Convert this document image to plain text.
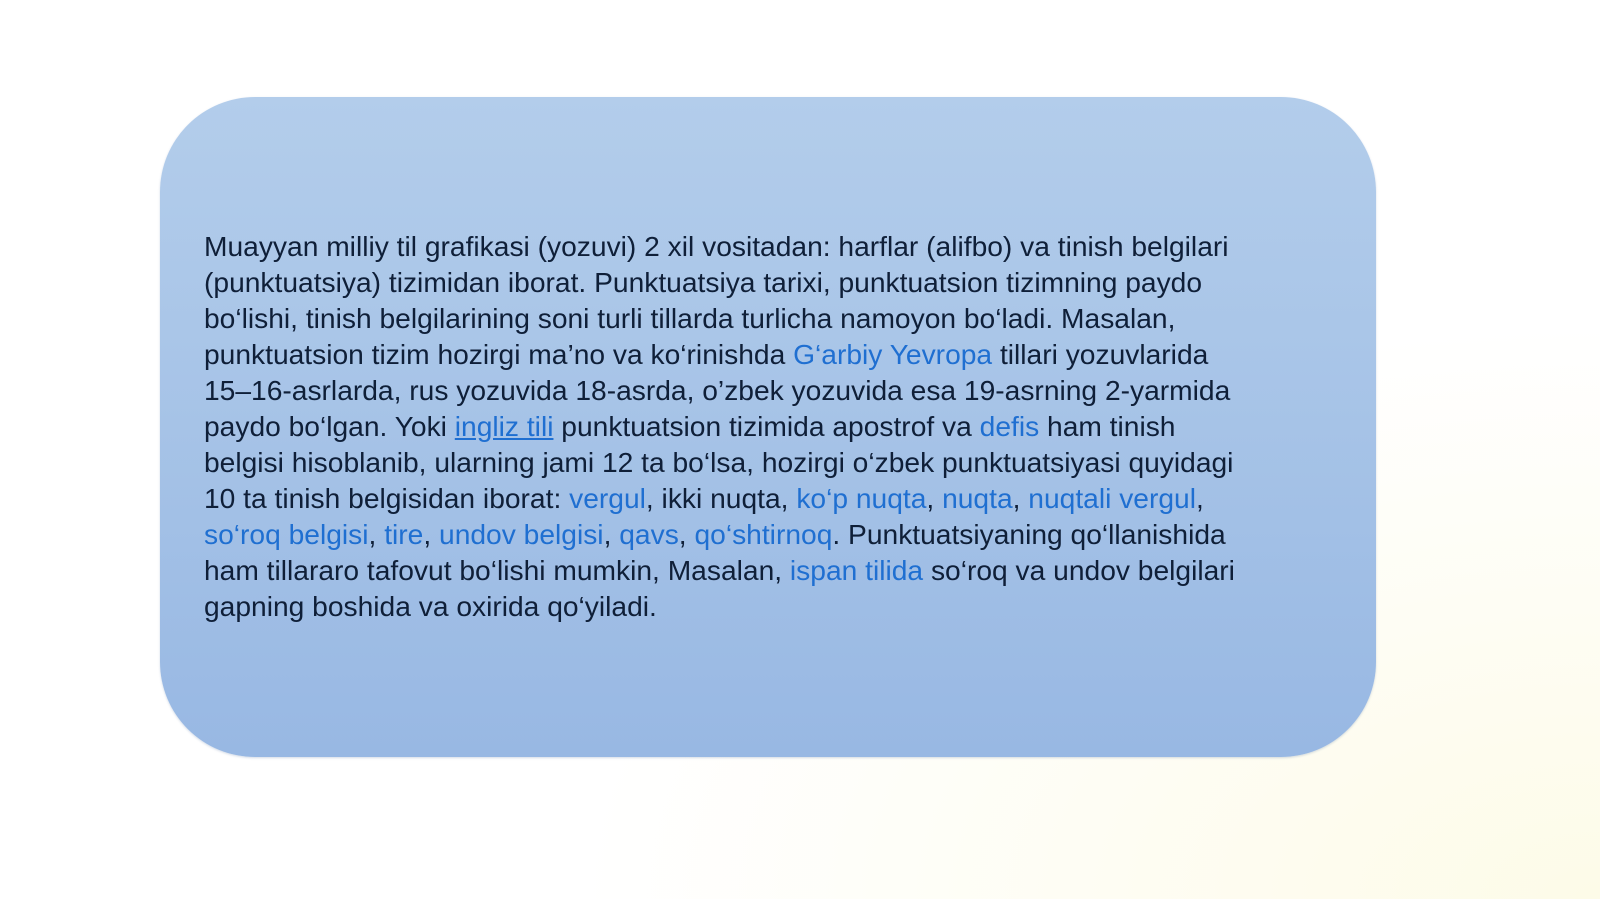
Muayyan milliy til grafikasi (yozuvi) 2 xil vositadan: harflar (alifbo) va tinish belgilari
(punktuatsiya) tizimidan iborat. Punktuatsiya tarixi, punktuatsion tizimning paydo
bo‘lishi, tinish belgilarining soni turli tillarda turlicha namoyon bo‘ladi. Masalan,
punktuatsion tizim hozirgi ma’no va ko‘rinishda G‘arbiy Yevropa tillari yozuvlarida
15–16-asrlarda, rus yozuvida 18-asrda, o’zbek yozuvida esa 19-asrning 2-yarmida
paydo bo‘lgan. Yoki ingliz tili punktuatsion tizimida apostrof va defis ham tinish
belgisi hisoblanib, ularning jami 12 ta bo‘lsa, hozirgi o‘zbek punktuatsiyasi quyidagi
10 ta tinish belgisidan iborat: vergul, ikki nuqta, ko‘p nuqta, nuqta, nuqtali vergul,
so‘roq belgisi, tire, undov belgisi, qavs, qo‘shtirnoq. Punktuatsiyaning qo‘llanishida
ham tillararo tafovut bo‘lishi mumkin, Masalan, ispan tilida so‘roq va undov belgilari
gapning boshida va oxirida qo‘yiladi.
